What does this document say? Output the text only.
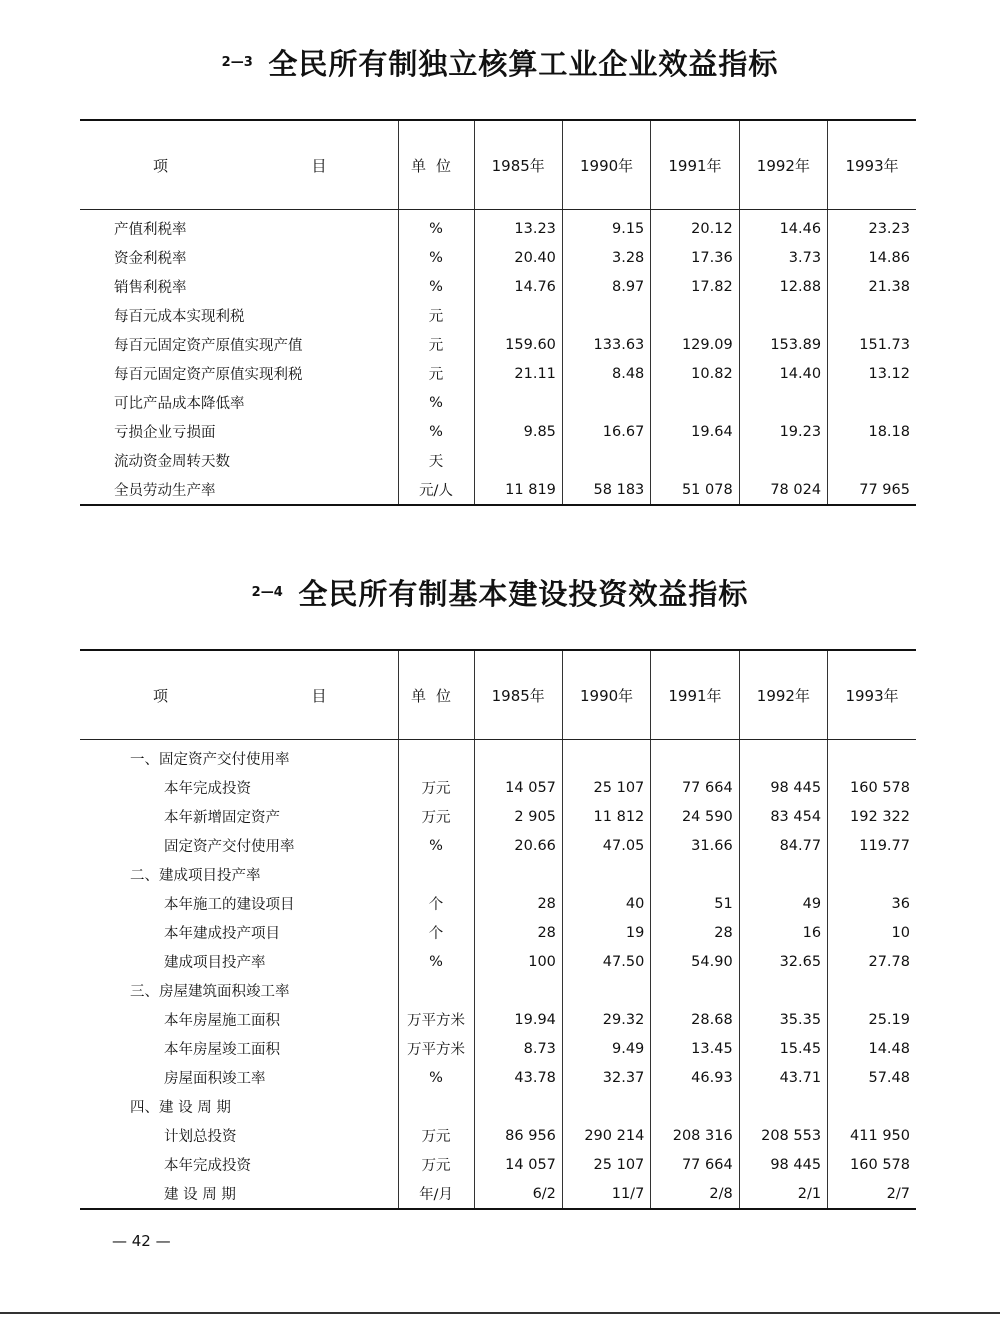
2—3 全民所有制独立核算工业企业效益指标
项 目	单位	1985年	1990年	1991年	1992年	1993年
产值利税率	%	13.23	9.15	20.12	14.46	23.23
资金利税率	%	20.40	3.28	17.36	3.73	14.86
销售利税率	%	14.76	8.97	17.82	12.88	21.38
每百元成本实现利税	元					
每百元固定资产原值实现产值	元	159.60	133.63	129.09	153.89	151.73
每百元固定资产原值实现利税	元	21.11	8.48	10.82	14.40	13.12
可比产品成本降低率	%					
亏损企业亏损面	%	9.85	16.67	19.64	19.23	18.18
流动资金周转天数	天					
全员劳动生产率	元/人	11 819	58 183	51 078	78 024	77 965
2—4 全民所有制基本建设投资效益指标
项 目	单位	1985年	1990年	1991年	1992年	1993年
一、固定资产交付使用率						
本年完成投资	万元	14 057	25 107	77 664	98 445	160 578
本年新增固定资产	万元	2 905	11 812	24 590	83 454	192 322
固定资产交付使用率	%	20.66	47.05	31.66	84.77	119.77
二、建成项目投产率						
本年施工的建设项目	个	28	40	51	49	36
本年建成投产项目	个	28	19	28	16	10
建成项目投产率	%	100	47.50	54.90	32.65	27.78
三、房屋建筑面积竣工率						
本年房屋施工面积	万平方米	19.94	29.32	28.68	35.35	25.19
本年房屋竣工面积	万平方米	8.73	9.49	13.45	15.45	14.48
房屋面积竣工率	%	43.78	32.37	46.93	43.71	57.48
四、建 设 周 期						
计划总投资	万元	86 956	290 214	208 316	208 553	411 950
本年完成投资	万元	14 057	25 107	77 664	98 445	160 578
建 设 周 期	年/月	6/2	11/7	2/8	2/1	2/7
— 42 —
